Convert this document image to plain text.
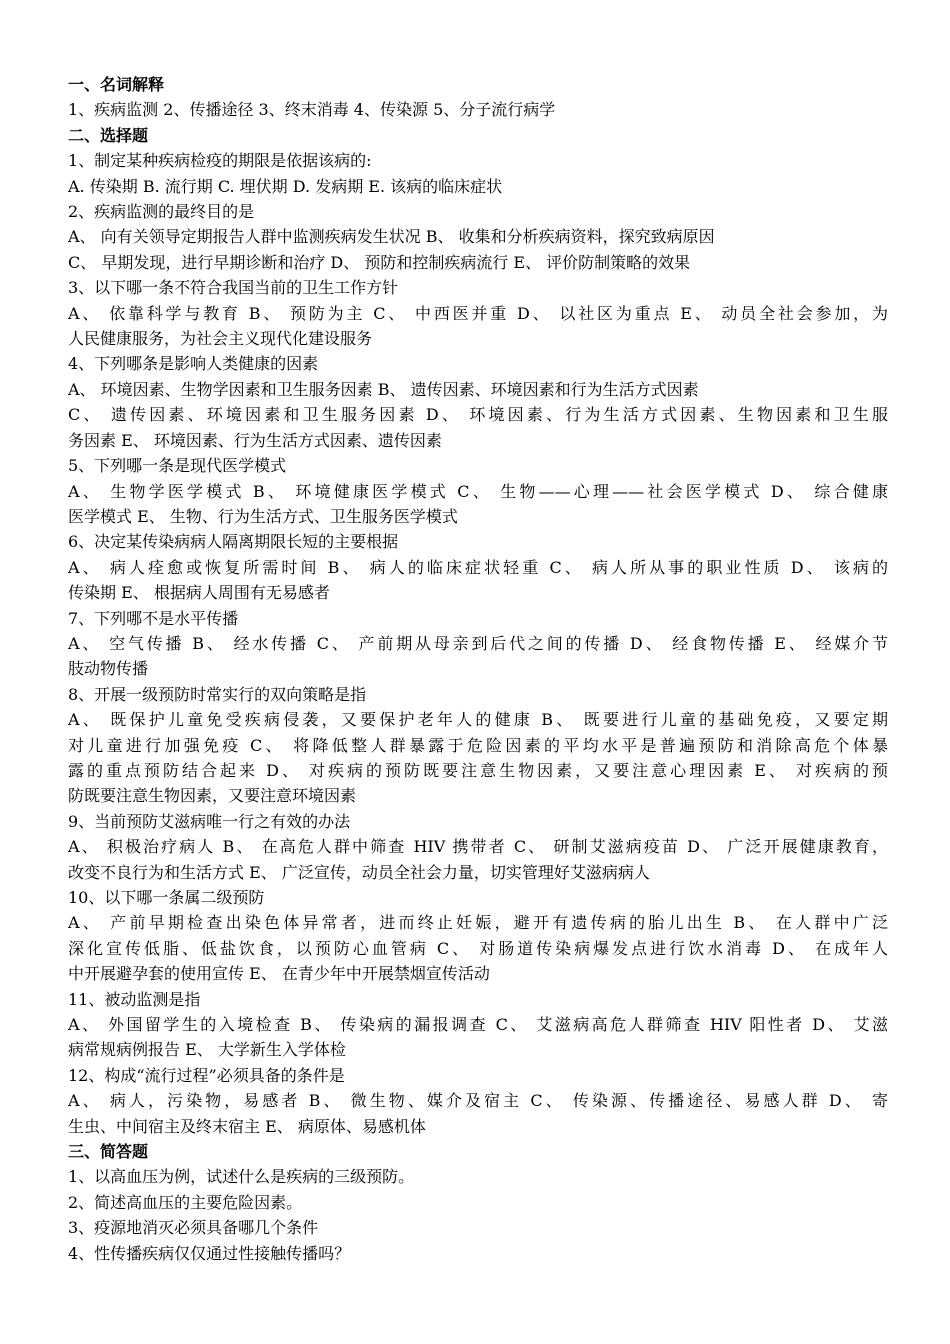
一、名词解释
1、疾病监测 2、传播途径 3、终末消毒 4、传染源 5、分子流行病学
二、选择题
1、制定某种疾病检疫的期限是依据该病的:
A. 传染期 B. 流行期 C. 埋伏期 D. 发病期 E. 该病的临床症状
2、疾病监测的最终目的是
A、 向有关领导定期报告人群中监测疾病发生状况 B、 收集和分析疾病资料，探究致病原因
C、 早期发现，进行早期诊断和治疗 D、 预防和控制疾病流行 E、 评价防制策略的效果
3、以下哪一条不符合我国当前的卫生工作方针
A、 依靠科学与教育 B、 预防为主 C、 中西医并重 D、 以社区为重点 E、 动员全社会参加，为
人民健康服务，为社会主义现代化建设服务
4、下列哪条是影响人类健康的因素
A、 环境因素、生物学因素和卫生服务因素 B、 遗传因素、环境因素和行为生活方式因素
C、 遗传因素、环境因素和卫生服务因素 D、 环境因素、行为生活方式因素、生物因素和卫生服
务因素 E、 环境因素、行为生活方式因素、遗传因素
5、下列哪一条是现代医学模式
A、 生物学医学模式 B、 环境健康医学模式 C、 生物——心理——社会医学模式 D、 综合健康
医学模式 E、 生物、行为生活方式、卫生服务医学模式
6、决定某传染病病人隔离期限长短的主要根据
A、 病人痊愈或恢复所需时间 B、 病人的临床症状轻重 C、 病人所从事的职业性质 D、 该病的
传染期 E、 根据病人周围有无易感者
7、下列哪不是水平传播
A、 空气传播 B、 经水传播 C、 产前期从母亲到后代之间的传播 D、 经食物传播 E、 经媒介节
肢动物传播
8、开展一级预防时常实行的双向策略是指
A、 既保护儿童免受疾病侵袭，又要保护老年人的健康 B、 既要进行儿童的基础免疫，又要定期
对儿童进行加强免疫 C、 将降低整人群暴露于危险因素的平均水平是普遍预防和消除高危个体暴
露的重点预防结合起来 D、 对疾病的预防既要注意生物因素，又要注意心理因素 E、 对疾病的预
防既要注意生物因素，又要注意环境因素
9、当前预防艾滋病唯一行之有效的办法
A、 积极治疗病人 B、 在高危人群中筛查 HIV 携带者 C、 研制艾滋病疫苗 D、 广泛开展健康教育，
改变不良行为和生活方式 E、 广泛宣传，动员全社会力量，切实管理好艾滋病病人
10、以下哪一条属二级预防
A、 产前早期检查出染色体异常者，进而终止妊娠，避开有遗传病的胎儿出生 B、 在人群中广泛
深化宣传低脂、低盐饮食，以预防心血管病 C、 对肠道传染病爆发点进行饮水消毒 D、 在成年人
中开展避孕套的使用宣传 E、 在青少年中开展禁烟宣传活动
11、被动监测是指
A、 外国留学生的入境检查 B、 传染病的漏报调查 C、 艾滋病高危人群筛查 HIV 阳性者 D、 艾滋
病常规病例报告 E、 大学新生入学体检
12、构成“流行过程”必须具备的条件是
A、 病人，污染物，易感者 B、 微生物、媒介及宿主 C、 传染源、传播途径、易感人群 D、 寄
生虫、中间宿主及终末宿主 E、 病原体、易感机体
三、简答题
1、以高血压为例，试述什么是疾病的三级预防。
2、简述高血压的主要危险因素。
3、疫源地消灭必须具备哪几个条件
4、性传播疾病仅仅通过性接触传播吗？
